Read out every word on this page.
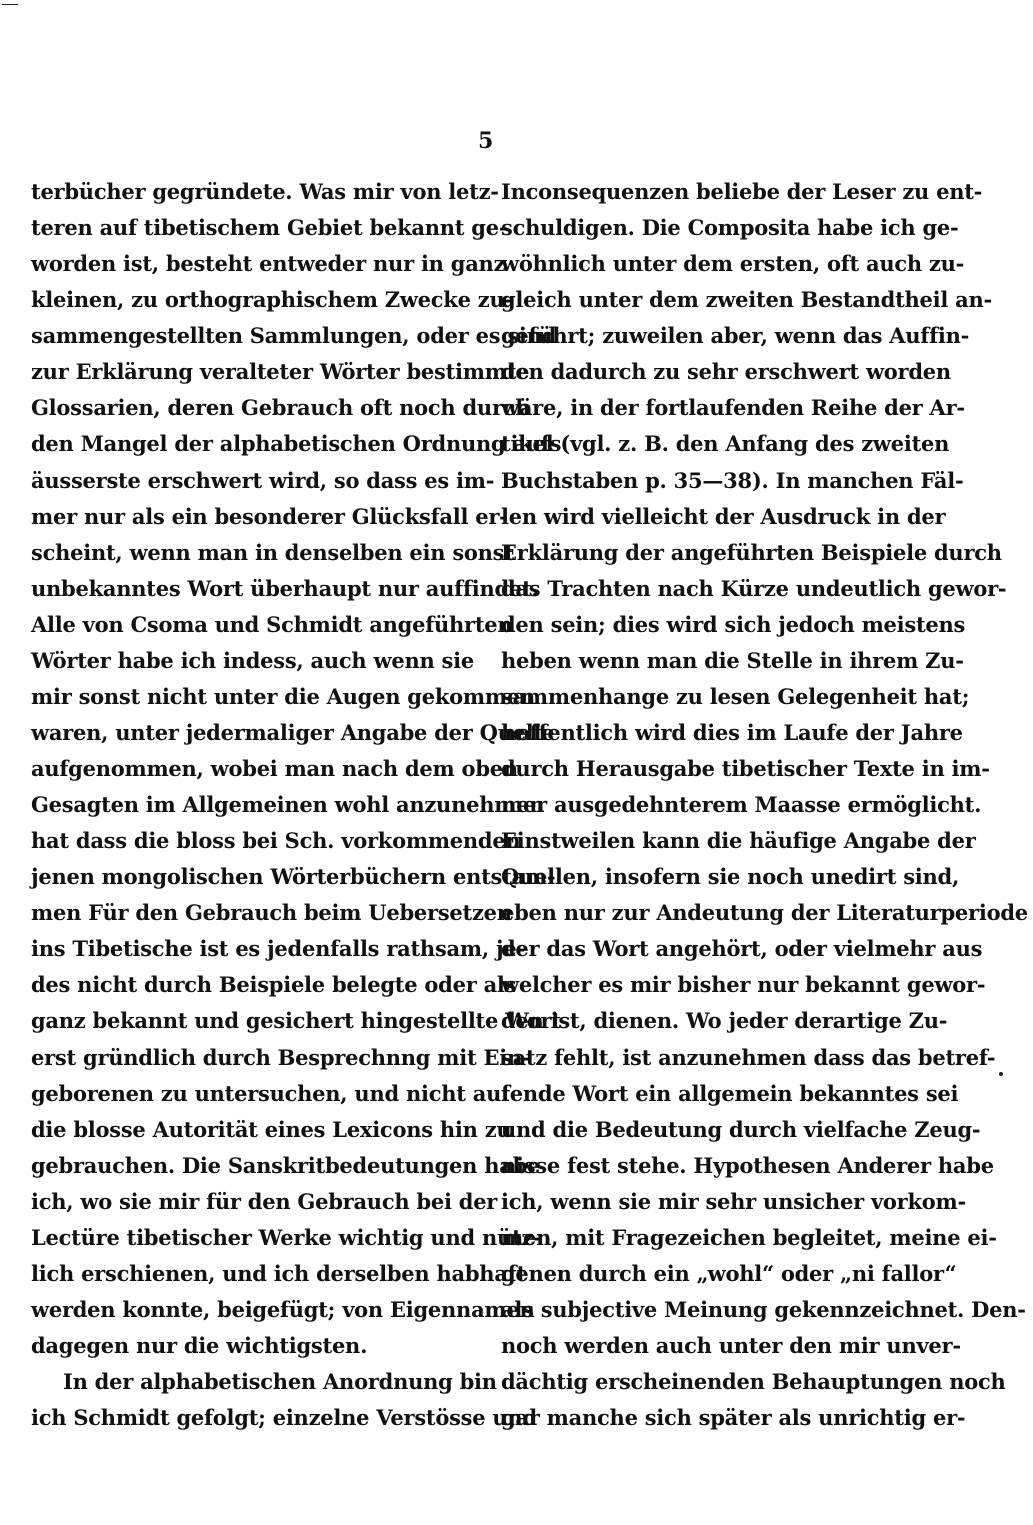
5
terbücher gegründete. Was mir von letz-
teren auf tibetischem Gebiet bekannt ge-
worden ist, besteht entweder nur in ganz
kleinen, zu orthographischem Zwecke zu-
sammengestellten Sammlungen, oder es sind
zur Erklärung veralteter Wörter bestimmte
Glossarien, deren Gebrauch oft noch durch
den Mangel der alphabetischen Ordnung aufs
äusserste erschwert wird, so dass es im-
mer nur als ein besonderer Glücksfall er-
scheint, wenn man in denselben ein sonst
unbekanntes Wort überhaupt nur auffindet.
Alle von Csoma und Schmidt angeführten
Wörter habe ich indess, auch wenn sie
mir sonst nicht unter die Augen gekommen
waren, unter jedermaliger Angabe der Quelle
aufgenommen, wobei man nach dem oben
Gesagten im Allgemeinen wohl anzunehmen
hat dass die bloss bei Sch. vorkommenden
jenen mongolischen Wörterbüchern entstam-
men Für den Gebrauch beim Uebersetzen
ins Tibetische ist es jedenfalls rathsam, je-
des nicht durch Beispiele belegte oder als
ganz bekannt und gesichert hingestellte Wort
erst gründlich durch Besprechnng mit Ein-
geborenen zu untersuchen, und nicht auf
die blosse Autorität eines Lexicons hin zu
gebrauchen. Die Sanskritbedeutungen habe
ich, wo sie mir für den Gebrauch bei der
Lectüre tibetischer Werke wichtig und nütz-
lich erschienen, und ich derselben habhaft
werden konnte, beigefügt; von Eigennamen
dagegen nur die wichtigsten.
In der alphabetischen Anordnung bin
ich Schmidt gefolgt; einzelne Verstösse und
Inconsequenzen beliebe der Leser zu ent-
schuldigen. Die Composita habe ich ge-
wöhnlich unter dem ersten, oft auch zu-
gleich unter dem zweiten Bestandtheil an-
geführt; zuweilen aber, wenn das Auffin-
den dadurch zu sehr erschwert worden
wäre, in der fortlaufenden Reihe der Ar-
tikel (vgl. z. B. den Anfang des zweiten
Buchstaben p. 35—38). In manchen Fäl-
len wird vielleicht der Ausdruck in der
Erklärung der angeführten Beispiele durch
das Trachten nach Kürze undeutlich gewor-
den sein; dies wird sich jedoch meistens
heben wenn man die Stelle in ihrem Zu-
sammenhange zu lesen Gelegenheit hat;
hoffentlich wird dies im Laufe der Jahre
durch Herausgabe tibetischer Texte in im-
mer ausgedehnterem Maasse ermöglicht.
Einstweilen kann die häufige Angabe der
Quellen, insofern sie noch unedirt sind,
eben nur zur Andeutung der Literaturperiode
der das Wort angehört, oder vielmehr aus
welcher es mir bisher nur bekannt gewor-
den ist, dienen. Wo jeder derartige Zu-
satz fehlt, ist anzunehmen dass das betref-
fende Wort ein allgemein bekanntes sei
und die Bedeutung durch vielfache Zeug-
nisse fest stehe. Hypothesen Anderer habe
ich, wenn sie mir sehr unsicher vorkom-
men, mit Fragezeichen begleitet, meine ei-
genen durch ein „wohl“ oder „ni fallor“
als subjective Meinung gekennzeichnet. Den-
noch werden auch unter den mir unver-
dächtig erscheinenden Behauptungen noch
gar manche sich später als unrichtig er-
